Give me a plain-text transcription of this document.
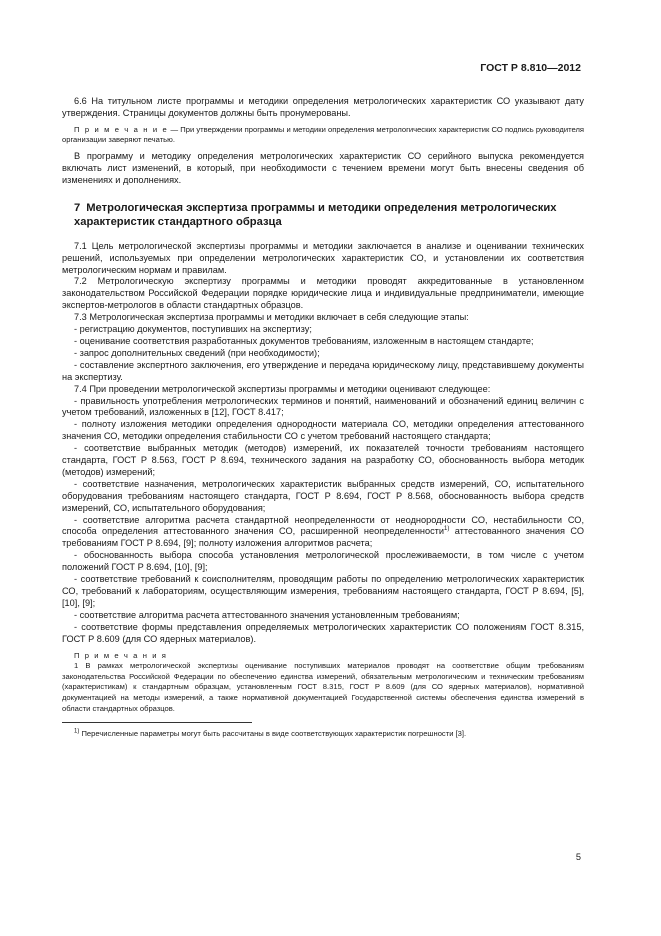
ГОСТ Р 8.810—2012

6.6 На титульном листе программы и методики определения метрологических характеристик СО указывают дату утверждения. Страницы документов должны быть пронумерованы.

П р и м е ч а н и е — При утверждении программы и методики определения метрологических характеристик СО подпись руководителя организации заверяют печатью.

В программу и методику определения метрологических характеристик СО серийного выпуска рекомендуется включать лист изменений, в который, при необходимости с течением времени могут быть внесены сведения об изменениях и дополнениях.

7 Метрологическая экспертиза программы и методики определения метрологических характеристик стандартного образца

7.1 Цель метрологической экспертизы программы и методики заключается в анализе и оценивании технических решений, используемых при определении метрологических характеристик СО, и установлении их соответствия метрологическим нормам и правилам.

7.2 Метрологическую экспертизу программы и методики проводят аккредитованные в установленном законодательством Российской Федерации порядке юридические лица и индивидуальные предприниматели, имеющие экспертов-метрологов в области стандартных образцов.

7.3 Метрологическая экспертиза программы и методики включает в себя следующие этапы:

- регистрацию документов, поступивших на экспертизу;

- оценивание соответствия разработанных документов требованиям, изложенным в настоящем стандарте;

- запрос дополнительных сведений (при необходимости);

- составление экспертного заключения, его утверждение и передача юридическому лицу, представившему документы на экспертизу.

7.4 При проведении метрологической экспертизы программы и методики оценивают следующее:

- правильность употребления метрологических терминов и понятий, наименований и обозначений единиц величин с учетом требований, изложенных в [12], ГОСТ 8.417;

- полноту изложения методики определения однородности материала СО, методики определения аттестованного значения СО, методики определения стабильности СО с учетом требований настоящего стандарта;

- соответствие выбранных методик (методов) измерений, их показателей точности требованиям настоящего стандарта, ГОСТ Р 8.563, ГОСТ Р 8.694, технического задания на разработку СО, обоснованность выбора методик (методов) измерений;

- соответствие назначения, метрологических характеристик выбранных средств измерений, СО, испытательного оборудования требованиям настоящего стандарта, ГОСТ Р 8.694, ГОСТ Р 8.568, обоснованность выбора средств измерений, СО, испытательного оборудования;

- соответствие алгоритма расчета стандартной неопределенности от неоднородности СО, нестабильности СО, способа определения аттестованного значения СО, расширенной неопределенности$^{1)}$ аттестованного значения СО требованиям ГОСТ Р 8.694, [9]; полноту изложения алгоритмов расчета;

- обоснованность выбора способа установления метрологической прослеживаемости, в том числе с учетом положений ГОСТ Р 8.694, [10], [9];

- соответствие требований к соисполнителям, проводящим работы по определению метрологических характеристик СО, требований к лабораториям, осуществляющим измерения, требованиям настоящего стандарта, ГОСТ Р 8.694, [5], [10], [9];

- соответствие алгоритма расчета аттестованного значения установленным требованиям;

- соответствие формы представления определяемых метрологических характеристик СО положениям ГОСТ 8.315, ГОСТ Р 8.609 (для СО ядерных материалов).

П р и м е ч а н и я

1 В рамках метрологической экспертизы оценивание поступивших материалов проводят на соответствие общим требованиям законодательства Российской Федерации по обеспечению единства измерений, обязательным метрологическим и техническим требованиям (характеристикам) к стандартным образцам, установленным ГОСТ 8.315, ГОСТ Р 8.609 (для СО ядерных материалов), нормативной документацией на методы измерений, а также нормативной документацией Государственной системы обеспечения единства измерений в области стандартных образцов.

$^{1)}$ Перечисленные параметры могут быть рассчитаны в виде соответствующих характеристик погрешности [3].

5
